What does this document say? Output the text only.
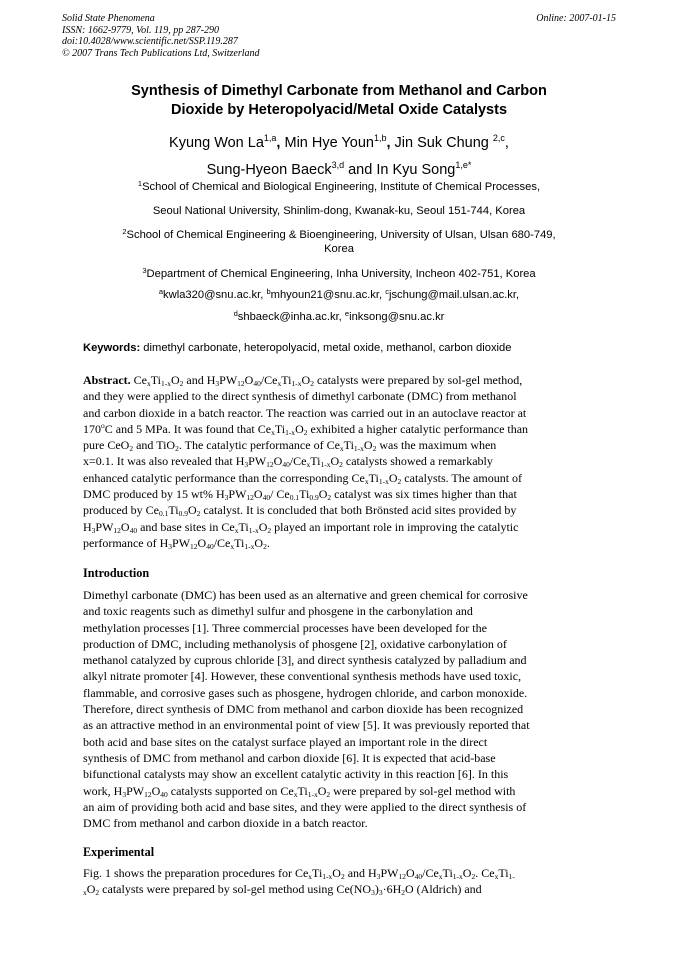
Solid State Phenomena
ISSN: 1662-9779, Vol. 119, pp 287-290
doi:10.4028/www.scientific.net/SSP.119.287
© 2007 Trans Tech Publications Ltd, Switzerland
Online: 2007-01-15
Synthesis of Dimethyl Carbonate from Methanol and Carbon
Dioxide by Heteropolyacid/Metal Oxide Catalysts
Kyung Won La$^{1,a}$, Min Hye Youn$^{1,b}$, Jin Suk Chung $^{2,c}$,
Sung-Hyeon Baeck$^{3,d}$ and In Kyu Song$^{1,e*}$
$^1$School of Chemical and Biological Engineering, Institute of Chemical Processes,
Seoul National University, Shinlim-dong, Kwanak-ku, Seoul 151-744, Korea
$^2$School of Chemical Engineering & Bioengineering, University of Ulsan, Ulsan 680-749,
Korea
$^3$Department of Chemical Engineering, Inha University, Incheon 402-751, Korea
$^a$kwla320@snu.ac.kr, $^b$mhyoun21@snu.ac.kr, $^c$jschung@mail.ulsan.ac.kr,
$^d$shbaeck@inha.ac.kr, $^e$inksong@snu.ac.kr
Keywords: dimethyl carbonate, heteropolyacid, metal oxide, methanol, carbon dioxide
Abstract. $Ce_xTi_{1-x}O_2$ and $H_3PW_{12}O_{40}/Ce_xTi_{1-x}O_2$ catalysts were prepared by sol-gel method,
and they were applied to the direct synthesis of dimethyl carbonate (DMC) from methanol
and carbon dioxide in a batch reactor. The reaction was carried out in an autoclave reactor at
170$^o$C and 5 MPa. It was found that $Ce_xTi_{1-x}O_2$ exhibited a higher catalytic performance than
pure CeO$_2$ and TiO$_2$. The catalytic performance of $Ce_xTi_{1-x}O_2$ was the maximum when
x=0.1. It was also revealed that $H_3PW_{12}O_{40}/Ce_xTi_{1-x}O_2$ catalysts showed a remarkably
enhanced catalytic performance than the corresponding $Ce_xTi_{1-x}O_2$ catalysts. The amount of
DMC produced by 15 wt% $H_3PW_{12}O_{40}/$ $Ce_{0.1}Ti_{0.9}O_2$ catalyst was six times higher than that
produced by $Ce_{0.1}Ti_{0.9}O_2$ catalyst. It is concluded that both Brönsted acid sites provided by
$H_3PW_{12}O_{40}$ and base sites in $Ce_xTi_{1-x}O_2$ played an important role in improving the catalytic
performance of $H_3PW_{12}O_{40}/Ce_xTi_{1-x}O_2$.
Introduction
Dimethyl carbonate (DMC) has been used as an alternative and green chemical for corrosive
and toxic reagents such as dimethyl sulfur and phosgene in the carbonylation and
methylation processes [1]. Three commercial processes have been developed for the
production of DMC, including methanolysis of phosgene [2], oxidative carbonylation of
methanol catalyzed by cuprous chloride [3], and direct synthesis catalyzed by palladium and
alkyl nitrate promoter [4]. However, these conventional synthesis methods have used toxic,
flammable, and corrosive gases such as phosgene, hydrogen chloride, and carbon monoxide.
Therefore, direct synthesis of DMC from methanol and carbon dioxide has been recognized
as an attractive method in an environmental point of view [5]. It was previously reported that
both acid and base sites on the catalyst surface played an important role in the direct
synthesis of DMC from methanol and carbon dioxide [6]. It is expected that acid-base
bifunctional catalysts may show an excellent catalytic activity in this reaction [6]. In this
work, $H_3PW_{12}O_{40}$ catalysts supported on $Ce_xTi_{1-x}O_2$ were prepared by sol-gel method with
an aim of providing both acid and base sites, and they were applied to the direct synthesis of
DMC from methanol and carbon dioxide in a batch reactor.
Experimental
Fig. 1 shows the preparation procedures for $Ce_xTi_{1-x}O_2$ and $H_3PW_{12}O_{40}/Ce_xTi_{1-x}O_2$. $Ce_xTi_{1-}$
$_xO_2$ catalysts were prepared by sol-gel method using $Ce(NO_3)_3\cdot 6H_2O$ (Aldrich) and
